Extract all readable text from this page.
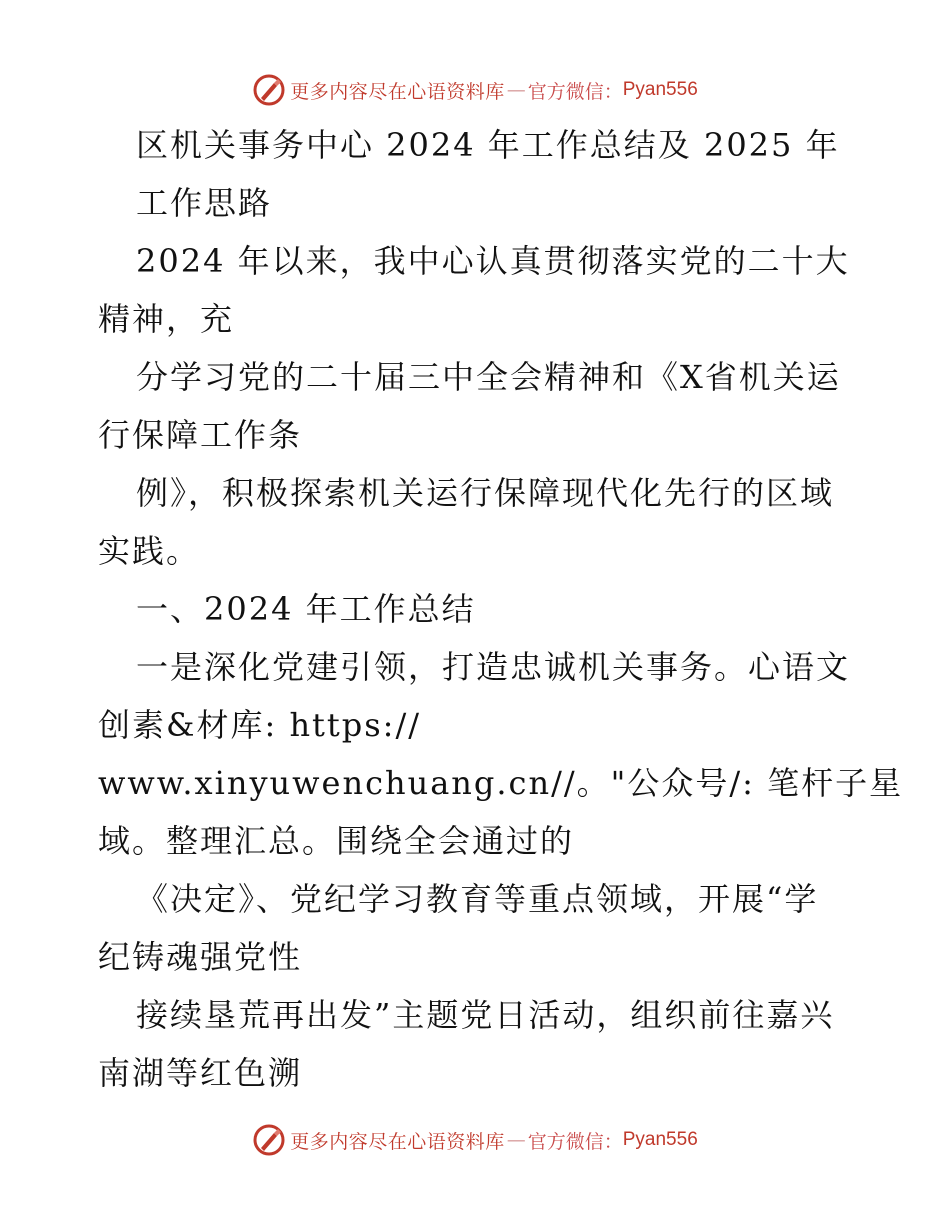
更多内容尽在心语资料库 — 官方微信： Pyan556
区机关事务中心 2024 年工作总结及 2025 年
工作思路
2024 年以来，我中心认真贯彻落实党的二十大
精神，充
分学习党的二十届三中全会精神和《X省机关运
行保障工作条
例》，积极探索机关运行保障现代化先行的区域
实践。
一、2024 年工作总结
一是深化党建引领，打造忠诚机关事务。心语文
创素&材库: https://
www.xinyuwenchuang.cn//。"公众号/: 笔杆子星
域。整理汇总。围绕全会通过的
《决定》、党纪学习教育等重点领域，开展“学
纪铸魂强党性
接续垦荒再出发”主题党日活动，组织前往嘉兴
南湖等红色溯
更多内容尽在心语资料库 — 官方微信： Pyan556
